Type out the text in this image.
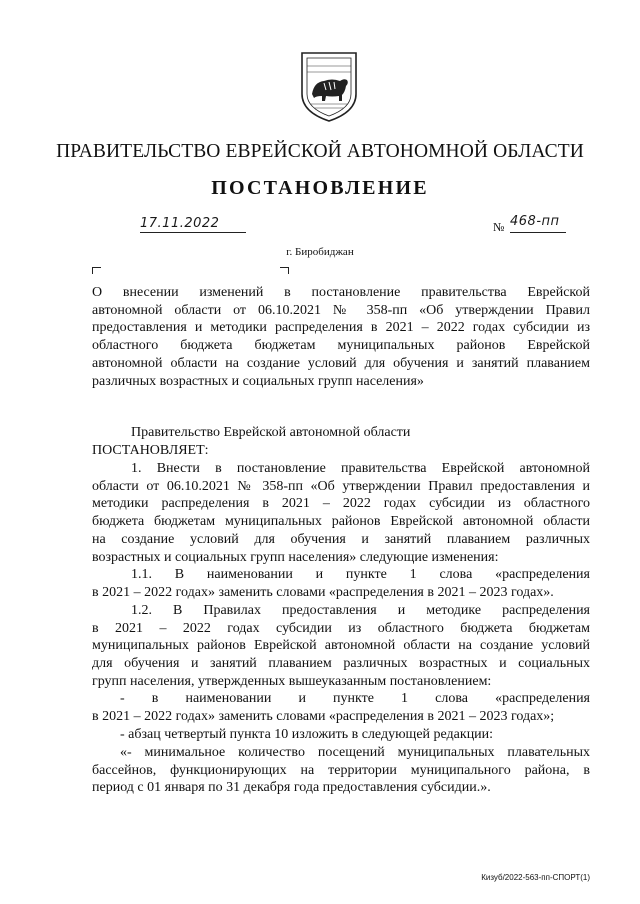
ПРАВИТЕЛЬСТВО ЕВРЕЙСКОЙ АВТОНОМНОЙ ОБЛАСТИ
ПОСТАНОВЛЕНИЕ
17.11.2022	№ 468-пп
г. Биробиджан
О внесении изменений в постановление правительства Еврейской
автономной области от 06.10.2021 № 358-пп «Об утверждении Правил
предоставления и методики распределения в 2021 – 2022 годах субсидии из
областного бюджета бюджетам муниципальных районов Еврейской
автономной области на создание условий для обучения и занятий плаванием
различных возрастных и социальных групп населения»
Правительство Еврейской автономной области
ПОСТАНОВЛЯЕТ:
1. Внести в постановление правительства Еврейской автономной
области от 06.10.2021 № 358-пп «Об утверждении Правил предоставления и
методики распределения в 2021 – 2022 годах субсидии из областного
бюджета бюджетам муниципальных районов Еврейской автономной области
на создание условий для обучения и занятий плаванием различных
возрастных и социальных групп населения» следующие изменения:
1.1. В наименовании и пункте 1 слова «распределения
в 2021 – 2022 годах» заменить словами «распределения в 2021 – 2023 годах».
1.2. В Правилах предоставления и методике распределения
в 2021 – 2022 годах субсидии из областного бюджета бюджетам
муниципальных районов Еврейской автономной области на создание условий
для обучения и занятий плаванием различных возрастных и социальных
групп населения, утвержденных вышеуказанным постановлением:
- в наименовании и пункте 1 слова «распределения
в 2021 – 2022 годах» заменить словами «распределения в 2021 – 2023 годах»;
- абзац четвертый пункта 10 изложить в следующей редакции:
«- минимальное количество посещений муниципальных плавательных
бассейнов, функционирующих на территории муниципального района, в
период с 01 января по 31 декабря года предоставления субсидии.».
Кизуб/2022-563-пп-СПОРТ(1)
